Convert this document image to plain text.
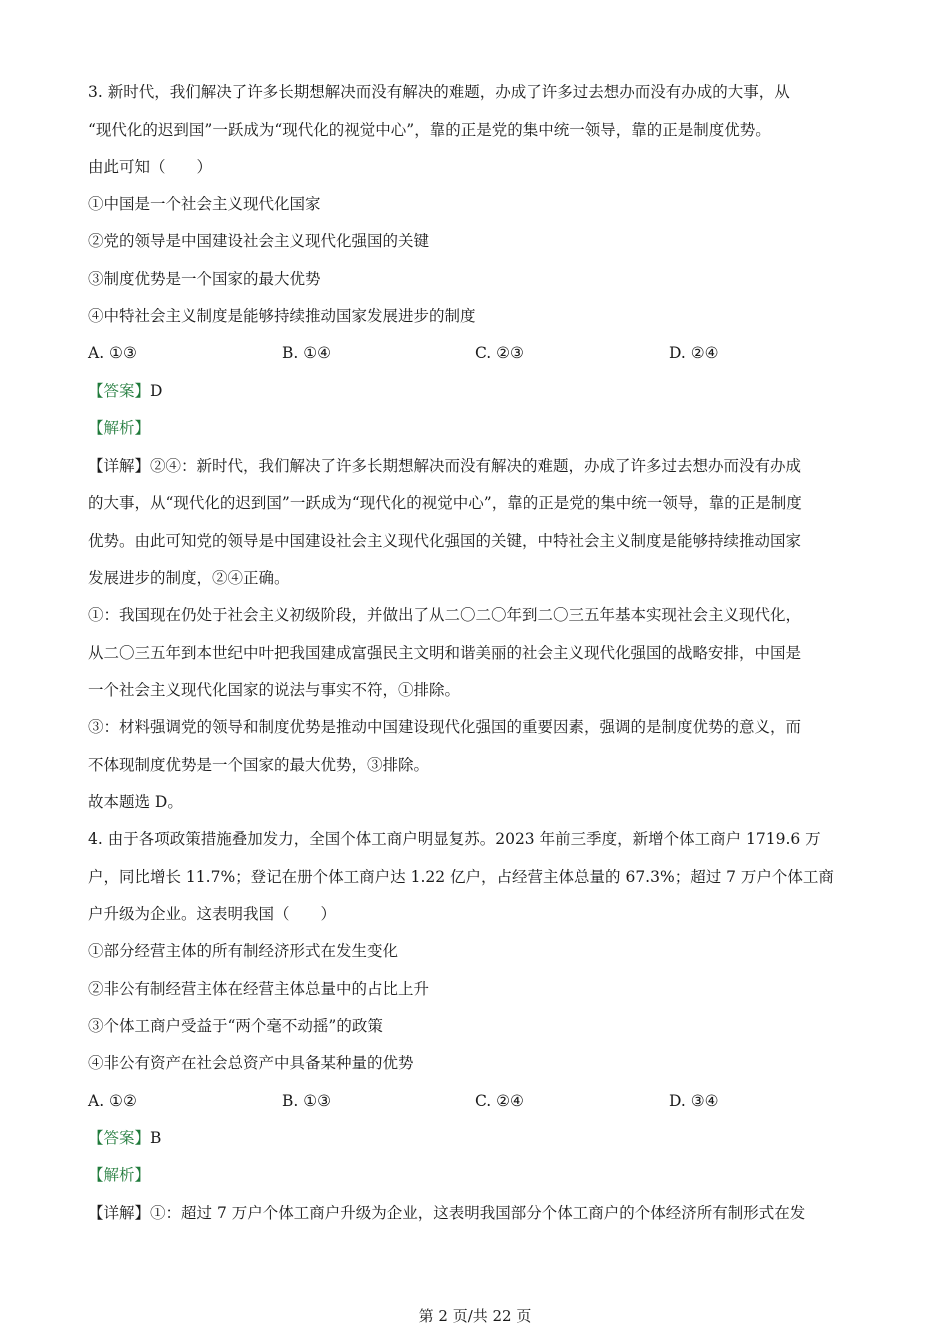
3. 新时代，我们解决了许多长期想解决而没有解决的难题，办成了许多过去想办而没有办成的大事，从
“现代化的迟到国”一跃成为“现代化的视觉中心”，靠的正是党的集中统一领导，靠的正是制度优势。
由此可知（　　）
①中国是一个社会主义现代化国家
②党的领导是中国建设社会主义现代化强国的关键
③制度优势是一个国家的最大优势
④中特社会主义制度是能够持续推动国家发展进步的制度
A. ①③	B. ①④	C. ②③	D. ②④
【答案】D
【解析】
【详解】②④：新时代，我们解决了许多长期想解决而没有解决的难题，办成了许多过去想办而没有办成
的大事，从“现代化的迟到国”一跃成为“现代化的视觉中心”，靠的正是党的集中统一领导，靠的正是制度
优势。由此可知党的领导是中国建设社会主义现代化强国的关键，中特社会主义制度是能够持续推动国家
发展进步的制度，②④正确。
①：我国现在仍处于社会主义初级阶段，并做出了从二〇二〇年到二〇三五年基本实现社会主义现代化，
从二〇三五年到本世纪中叶把我国建成富强民主文明和谐美丽的社会主义现代化强国的战略安排，中国是
一个社会主义现代化国家的说法与事实不符，①排除。
③：材料强调党的领导和制度优势是推动中国建设现代化强国的重要因素，强调的是制度优势的意义，而
不体现制度优势是一个国家的最大优势，③排除。
故本题选 D。
4. 由于各项政策措施叠加发力，全国个体工商户明显复苏。2023 年前三季度，新增个体工商户 1719.6 万
户，同比增长 11.7%；登记在册个体工商户达 1.22 亿户，占经营主体总量的 67.3%；超过 7 万户个体工商
户升级为企业。这表明我国（　　）
①部分经营主体的所有制经济形式在发生变化
②非公有制经营主体在经营主体总量中的占比上升
③个体工商户受益于“两个毫不动摇”的政策
④非公有资产在社会总资产中具备某种量的优势
A. ①②	B. ①③	C. ②④	D. ③④
【答案】B
【解析】
【详解】①：超过 7 万户个体工商户升级为企业，这表明我国部分个体工商户的个体经济所有制形式在发
第 2 页/共 22 页
